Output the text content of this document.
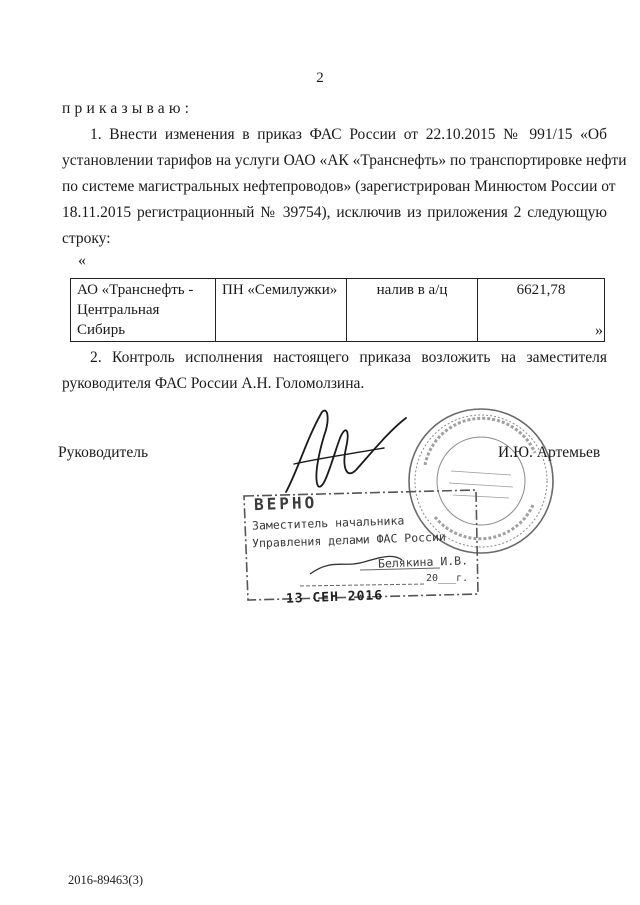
2
приказываю:
1. Внести изменения в приказ ФАС России от 22.10.2015 № 991/15 «Об
установлении тарифов на услуги ОАО «АК «Транснефть» по транспортировке нефти
по системе магистральных нефтепроводов» (зарегистрирован Минюстом России от
18.11.2015 регистрационный № 39754), исключив из приложения 2 следующую
строку:
«
АО «Транснефть - Центральная Сибирь	ПН «Семилужки»	налив в а/ц	6621,78
»
2. Контроль исполнения настоящего приказа возложить на заместителя
руководителя ФАС России А.Н. Голомолзина.
Руководитель	И.Ю. Артемьев
ВЕРНО
Заместитель начальника
Управления делами ФАС России
Белякина И.В.
20___г.
13 СЕН 2016
2016-89463(3)
